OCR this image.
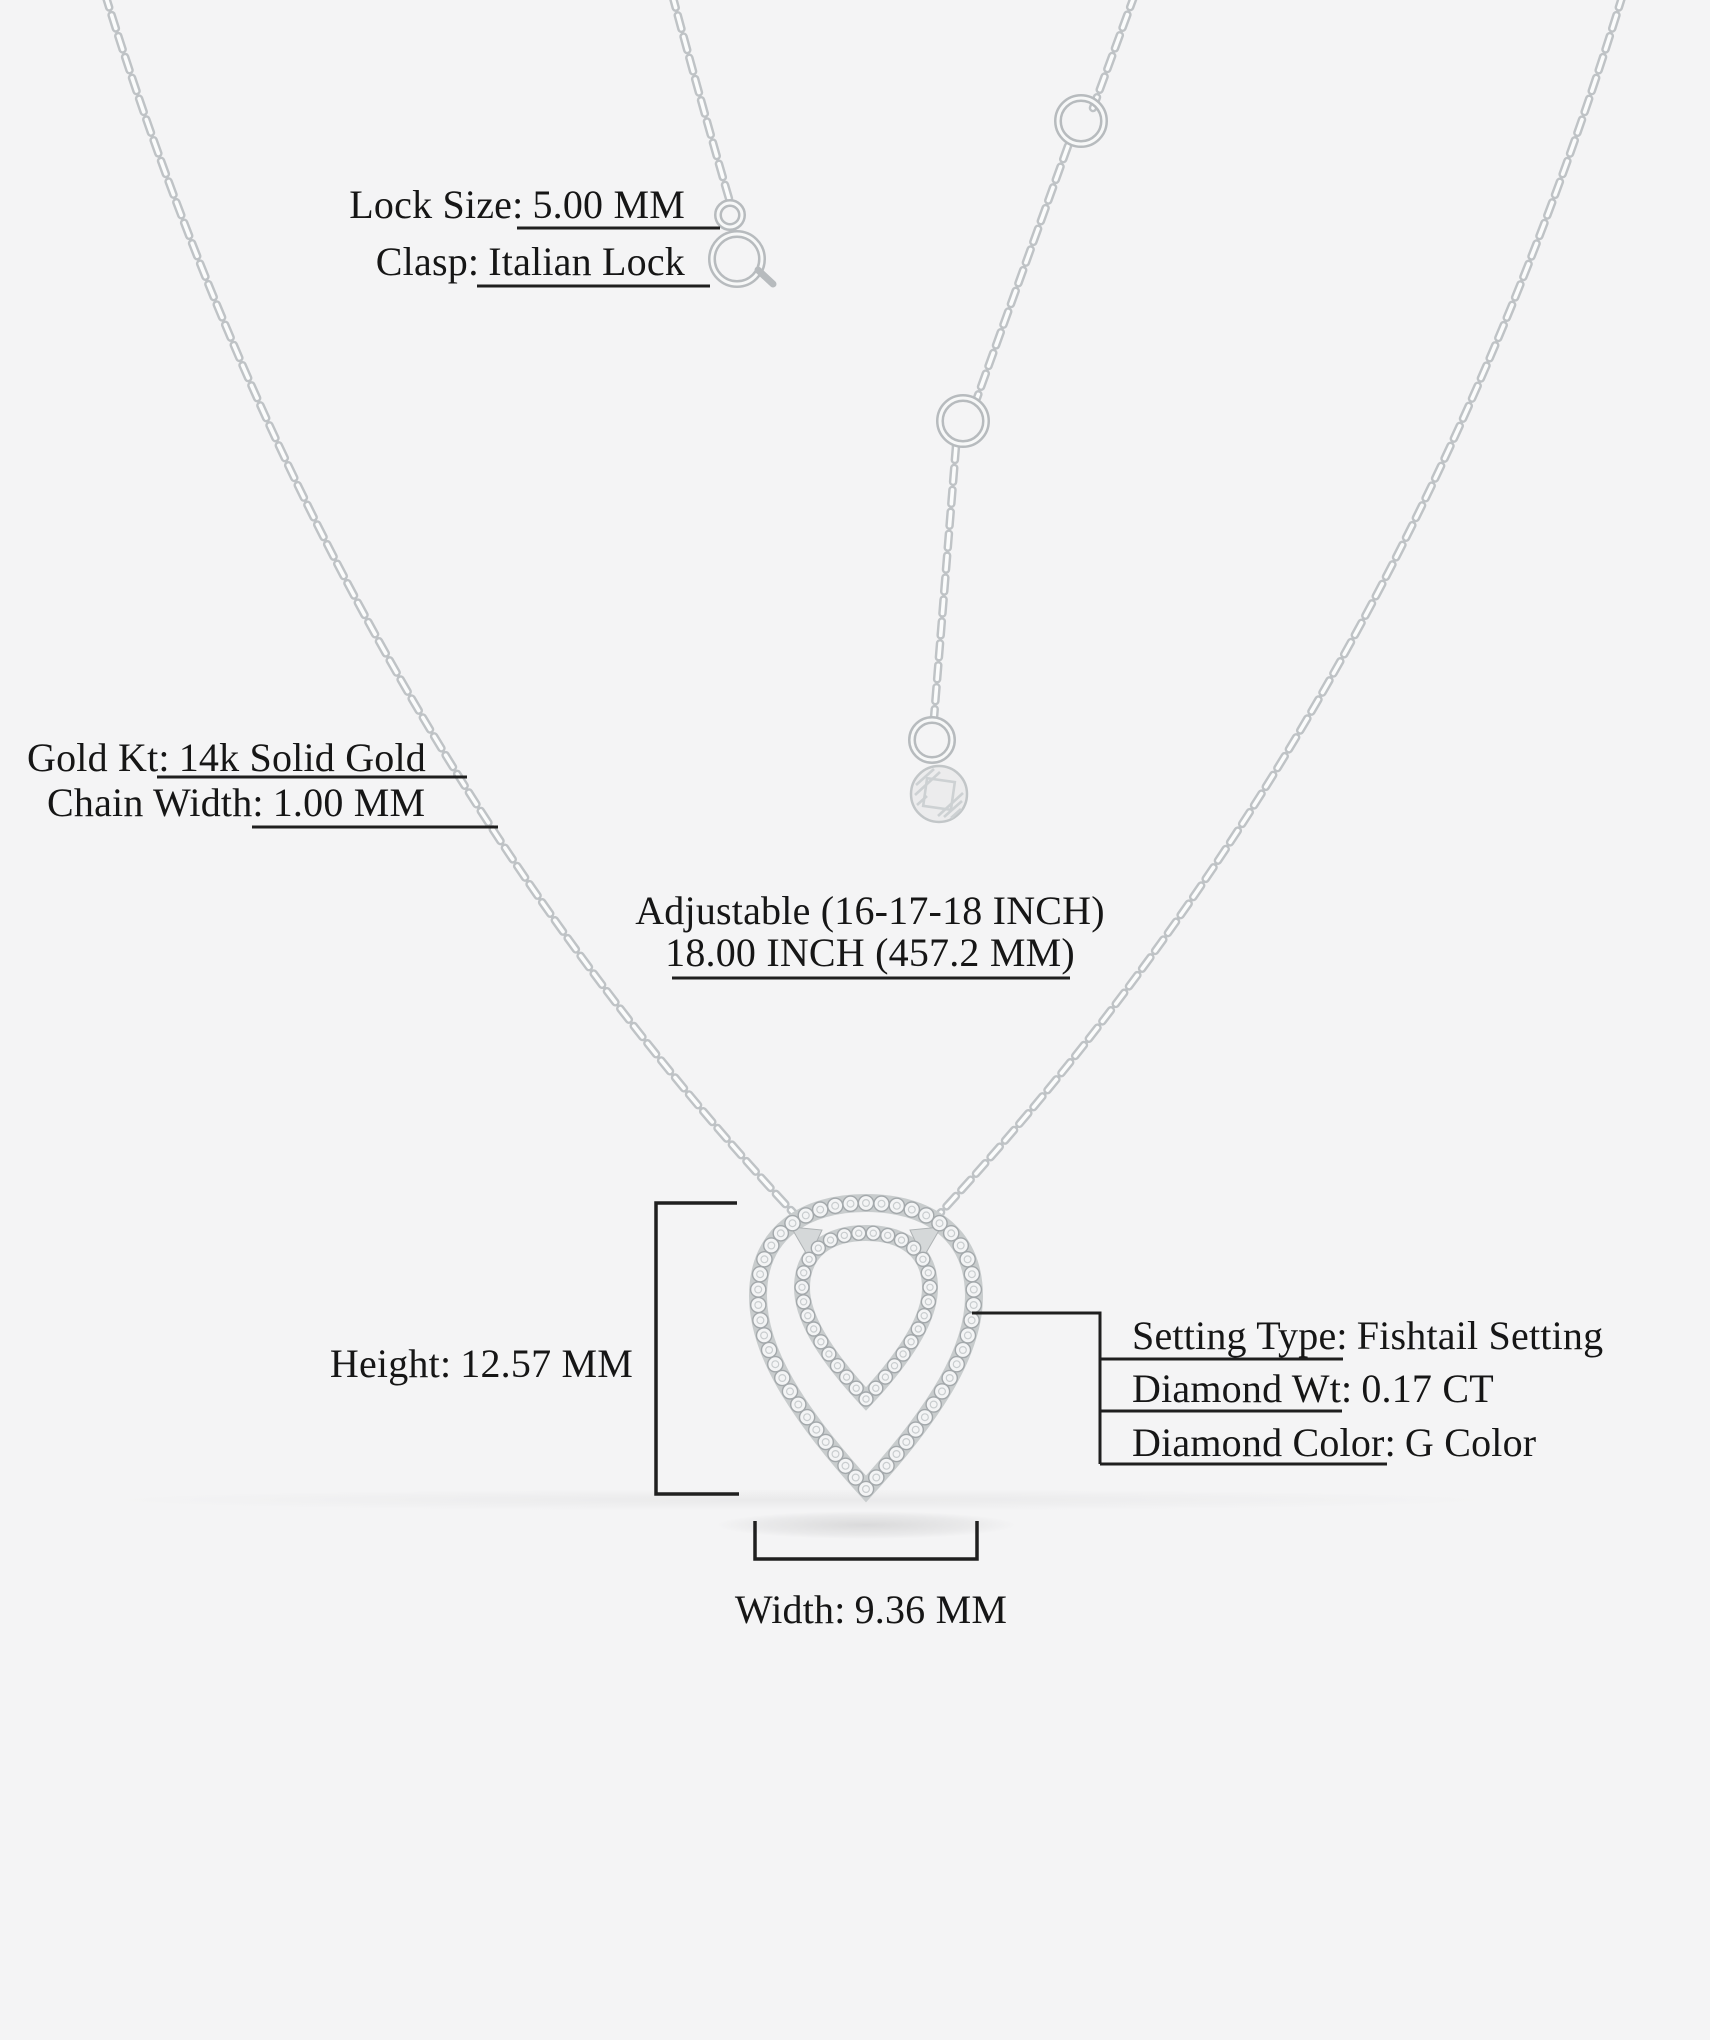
Lock Size: 5.00 MM
Clasp: Italian Lock
Gold Kt: 14k Solid Gold
Chain Width: 1.00 MM
Adjustable (16-17-18 INCH)
18.00 INCH (457.2 MM)
Height: 12.57 MM
Setting Type: Fishtail Setting
Diamond Wt: 0.17 CT
Diamond Color: G Color
Width: 9.36 MM
